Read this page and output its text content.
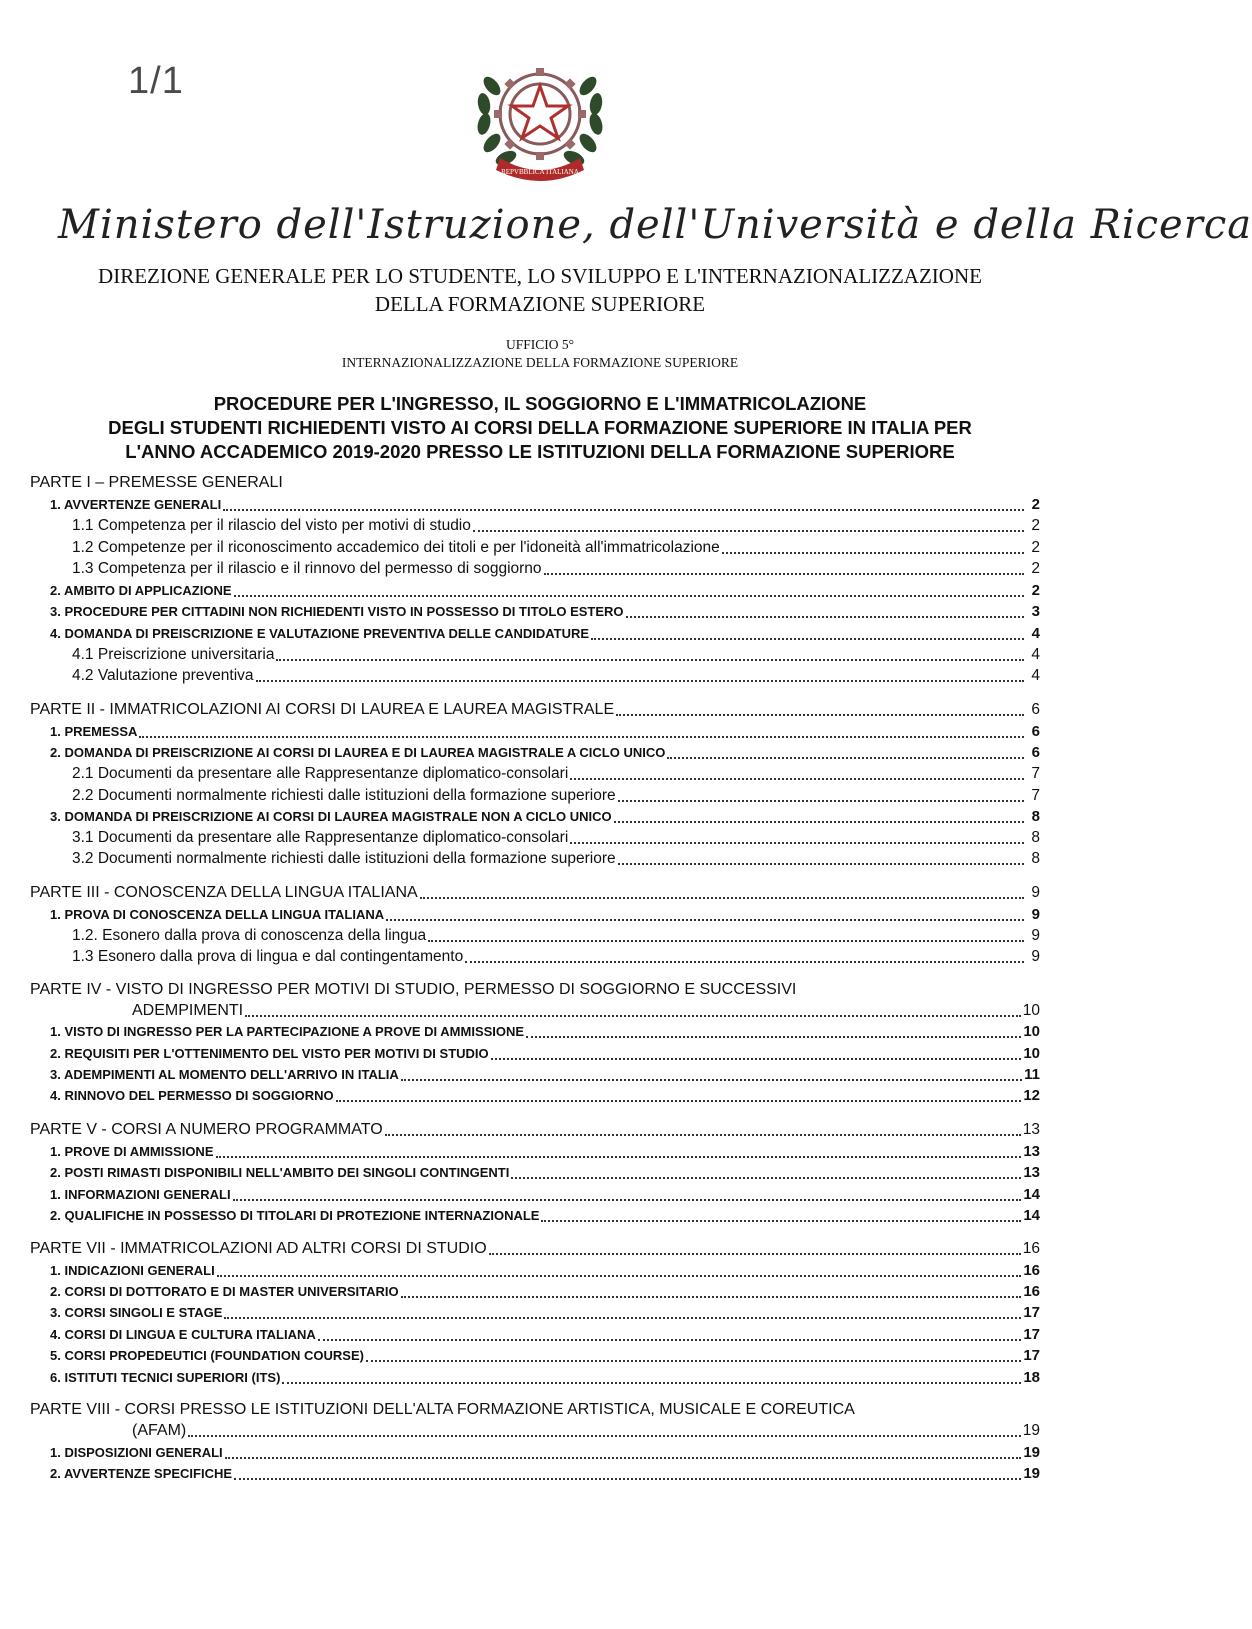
1/1
REPVBBLICA ITALIANA
Ministero dell'Istruzione, dell'Università e della Ricerca
DIREZIONE GENERALE PER LO STUDENTE, LO SVILUPPO E L'INTERNAZIONALIZZAZIONE
DELLA FORMAZIONE SUPERIORE
UFFICIO 5°
INTERNAZIONALIZZAZIONE DELLA FORMAZIONE SUPERIORE
PROCEDURE PER L'INGRESSO, IL SOGGIORNO E L'IMMATRICOLAZIONE
DEGLI STUDENTI RICHIEDENTI VISTO AI CORSI DELLA FORMAZIONE SUPERIORE IN ITALIA PER
L'ANNO ACCADEMICO 2019-2020 PRESSO LE ISTITUZIONI DELLA FORMAZIONE SUPERIORE
PARTE I – PREMESSE GENERALI
1. AVVERTENZE GENERALI	2
1.1 Competenza per il rilascio del visto per motivi di studio	2
1.2 Competenze per il riconoscimento accademico dei titoli e per l'idoneità all'immatricolazione	2
1.3 Competenza per il rilascio e il rinnovo del permesso di soggiorno	2
2. AMBITO DI APPLICAZIONE	2
3. PROCEDURE PER CITTADINI NON RICHIEDENTI VISTO IN POSSESSO DI TITOLO ESTERO	3
4. DOMANDA DI PREISCRIZIONE E VALUTAZIONE PREVENTIVA DELLE CANDIDATURE	4
4.1 Preiscrizione universitaria	4
4.2 Valutazione preventiva	4
PARTE II - IMMATRICOLAZIONI AI CORSI DI LAUREA E LAUREA MAGISTRALE	6
1. PREMESSA	6
2. DOMANDA DI PREISCRIZIONE AI CORSI DI LAUREA E DI LAUREA MAGISTRALE A CICLO UNICO	6
2.1 Documenti da presentare alle Rappresentanze diplomatico-consolari	7
2.2 Documenti normalmente richiesti dalle istituzioni della formazione superiore	7
3. DOMANDA DI PREISCRIZIONE AI CORSI DI LAUREA MAGISTRALE NON A CICLO UNICO	8
3.1 Documenti da presentare alle Rappresentanze diplomatico-consolari	8
3.2 Documenti normalmente richiesti dalle istituzioni della formazione superiore	8
PARTE III - CONOSCENZA DELLA LINGUA ITALIANA	9
1. PROVA DI CONOSCENZA DELLA LINGUA ITALIANA	9
1.2. Esonero dalla prova di conoscenza della lingua	9
1.3 Esonero dalla prova di lingua e dal contingentamento	9
PARTE IV - VISTO DI INGRESSO PER MOTIVI DI STUDIO, PERMESSO DI SOGGIORNO E SUCCESSIVI
ADEMPIMENTI	10
1. VISTO DI INGRESSO PER LA PARTECIPAZIONE A PROVE DI AMMISSIONE	10
2. REQUISITI PER L'OTTENIMENTO DEL VISTO PER MOTIVI DI STUDIO	10
3. ADEMPIMENTI AL MOMENTO DELL'ARRIVO IN ITALIA	11
4. RINNOVO DEL PERMESSO DI SOGGIORNO	12
PARTE V - CORSI A NUMERO PROGRAMMATO	13
1. PROVE DI AMMISSIONE	13
2. POSTI RIMASTI DISPONIBILI NELL'AMBITO DEI SINGOLI CONTINGENTI	13
1. INFORMAZIONI GENERALI	14
2. QUALIFICHE IN POSSESSO DI TITOLARI DI PROTEZIONE INTERNAZIONALE	14
PARTE VII - IMMATRICOLAZIONI AD ALTRI CORSI DI STUDIO	16
1. INDICAZIONI GENERALI	16
2. CORSI DI DOTTORATO E DI MASTER UNIVERSITARIO	16
3. CORSI SINGOLI E STAGE	17
4. CORSI DI LINGUA E CULTURA ITALIANA	17
5. CORSI PROPEDEUTICI (FOUNDATION COURSE)	17
6. ISTITUTI TECNICI SUPERIORI (ITS)	18
PARTE VIII - CORSI PRESSO LE ISTITUZIONI DELL'ALTA FORMAZIONE ARTISTICA, MUSICALE E COREUTICA
(AFAM)	19
1. DISPOSIZIONI GENERALI	19
2. AVVERTENZE SPECIFICHE	19
